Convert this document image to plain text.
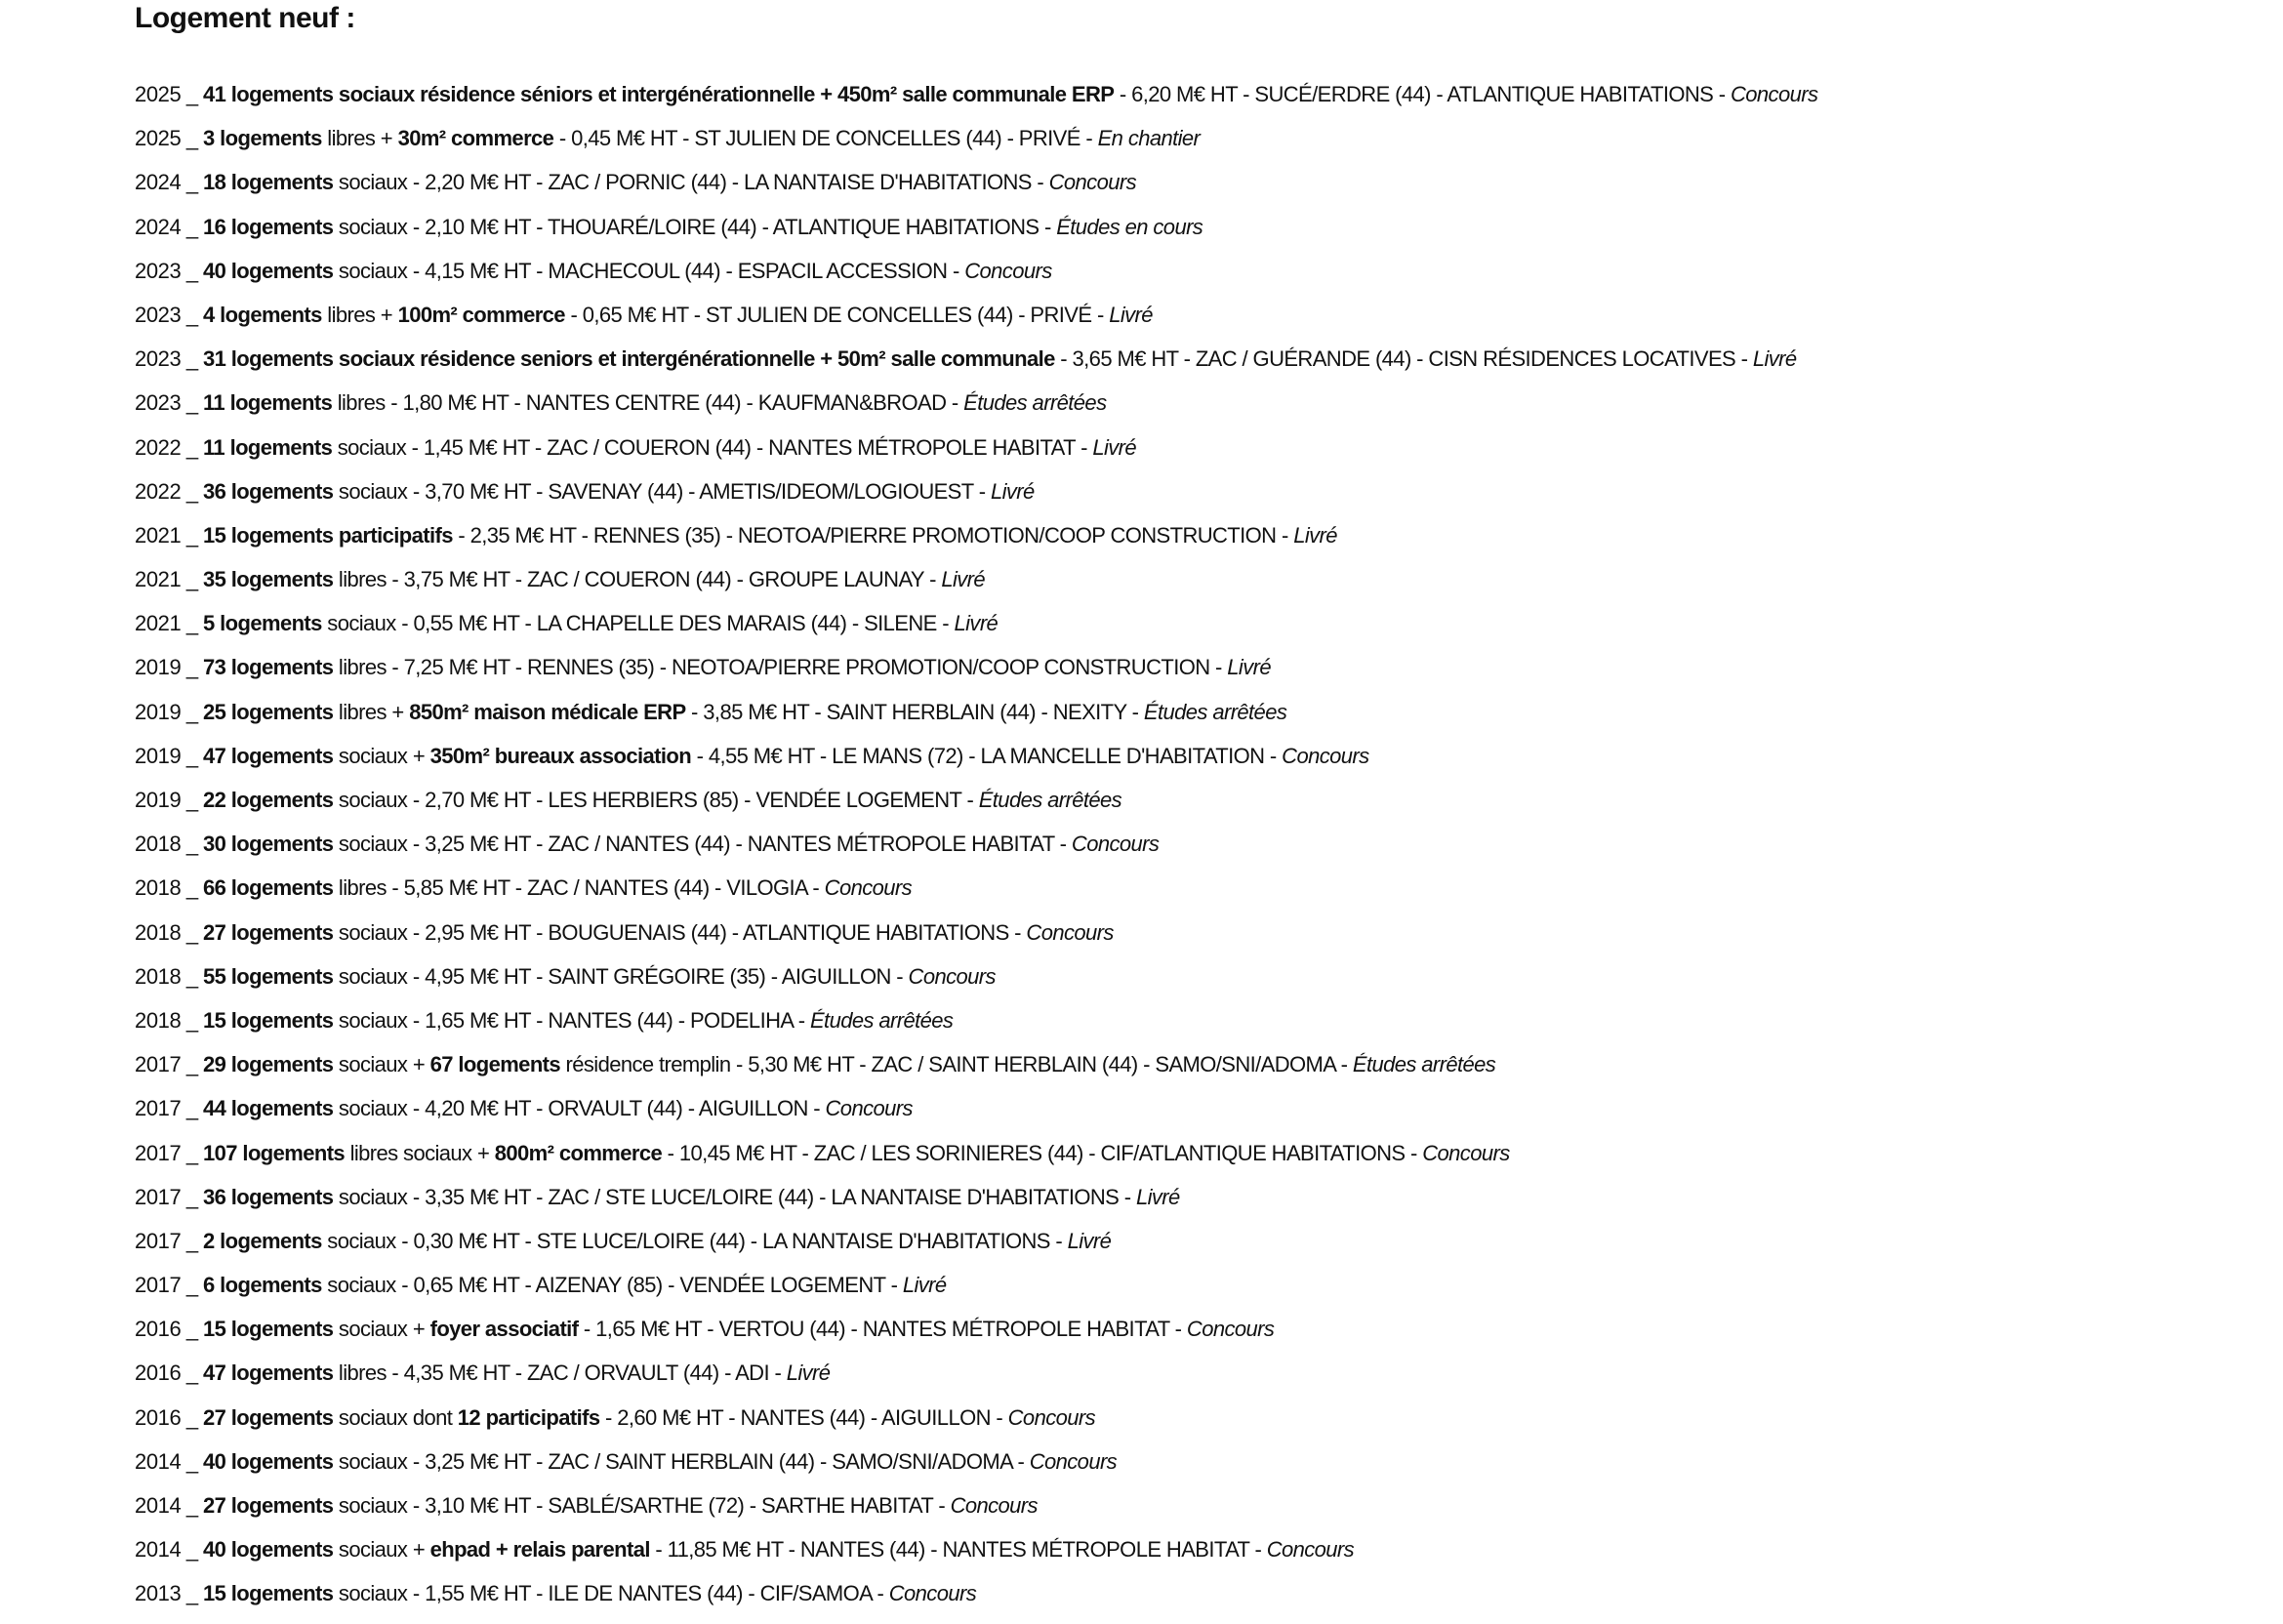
Logement neuf :
2025 _ 41 logements sociaux résidence séniors et intergénérationnelle + 450m² salle communale ERP - 6,20 M€ HT - SUCÉ/ERDRE (44) - ATLANTIQUE HABITATIONS - Concours
2025 _ 3 logements libres + 30m² commerce - 0,45 M€ HT - ST JULIEN DE CONCELLES (44) - PRIVÉ - En chantier
2024 _ 18 logements sociaux - 2,20 M€ HT - ZAC / PORNIC (44) - LA NANTAISE D'HABITATIONS - Concours
2024 _ 16 logements sociaux - 2,10 M€ HT - THOUARÉ/LOIRE (44) - ATLANTIQUE HABITATIONS - Études en cours
2023 _ 40 logements sociaux - 4,15 M€ HT - MACHECOUL (44) - ESPACIL ACCESSION - Concours
2023 _ 4 logements libres + 100m² commerce - 0,65 M€ HT - ST JULIEN DE CONCELLES (44) - PRIVÉ - Livré
2023 _ 31 logements sociaux résidence seniors et intergénérationnelle + 50m² salle communale - 3,65 M€ HT - ZAC / GUÉRANDE (44) - CISN RÉSIDENCES LOCATIVES - Livré
2023 _ 11 logements libres - 1,80 M€ HT - NANTES CENTRE (44) - KAUFMAN&BROAD - Études arrêtées
2022 _ 11 logements sociaux - 1,45 M€ HT - ZAC / COUERON (44) - NANTES MÉTROPOLE HABITAT - Livré
2022 _ 36 logements sociaux - 3,70 M€ HT - SAVENAY (44) - AMETIS/IDEOM/LOGIOUEST - Livré
2021 _ 15 logements participatifs - 2,35 M€ HT - RENNES (35) - NEOTOA/PIERRE PROMOTION/COOP CONSTRUCTION - Livré
2021 _ 35 logements libres - 3,75 M€ HT - ZAC / COUERON (44) - GROUPE LAUNAY - Livré
2021 _ 5 logements sociaux - 0,55 M€ HT - LA CHAPELLE DES MARAIS (44) - SILENE - Livré
2019 _ 73 logements libres - 7,25 M€ HT - RENNES (35) - NEOTOA/PIERRE PROMOTION/COOP CONSTRUCTION - Livré
2019 _ 25 logements libres + 850m² maison médicale ERP - 3,85 M€ HT - SAINT HERBLAIN (44) - NEXITY - Études arrêtées
2019 _ 47 logements sociaux + 350m² bureaux association - 4,55 M€ HT - LE MANS (72) - LA MANCELLE D'HABITATION - Concours
2019 _ 22 logements sociaux - 2,70 M€ HT - LES HERBIERS (85) - VENDÉE LOGEMENT - Études arrêtées
2018 _ 30 logements sociaux - 3,25 M€ HT - ZAC / NANTES (44) - NANTES MÉTROPOLE HABITAT - Concours
2018 _ 66 logements libres - 5,85 M€ HT - ZAC / NANTES (44) - VILOGIA - Concours
2018 _ 27 logements sociaux - 2,95 M€ HT - BOUGUENAIS (44) - ATLANTIQUE HABITATIONS - Concours
2018 _ 55 logements sociaux - 4,95 M€ HT - SAINT GRÉGOIRE (35) - AIGUILLON - Concours
2018 _ 15 logements sociaux - 1,65 M€ HT - NANTES (44) - PODELIHA - Études arrêtées
2017 _ 29 logements sociaux + 67 logements résidence tremplin - 5,30 M€ HT - ZAC / SAINT HERBLAIN (44) - SAMO/SNI/ADOMA - Études arrêtées
2017 _ 44 logements sociaux - 4,20 M€ HT - ORVAULT (44) - AIGUILLON - Concours
2017 _ 107 logements libres sociaux + 800m² commerce - 10,45 M€ HT - ZAC / LES SORINIERES (44) - CIF/ATLANTIQUE HABITATIONS - Concours
2017 _ 36 logements sociaux - 3,35 M€ HT - ZAC / STE LUCE/LOIRE (44) - LA NANTAISE D'HABITATIONS - Livré
2017 _ 2 logements sociaux - 0,30 M€ HT - STE LUCE/LOIRE (44) - LA NANTAISE D'HABITATIONS - Livré
2017 _ 6 logements sociaux - 0,65 M€ HT - AIZENAY (85) - VENDÉE LOGEMENT - Livré
2016 _ 15 logements sociaux + foyer associatif - 1,65 M€ HT - VERTOU (44) - NANTES MÉTROPOLE HABITAT - Concours
2016 _ 47 logements libres - 4,35 M€ HT - ZAC / ORVAULT (44) - ADI - Livré
2016 _ 27 logements sociaux dont 12 participatifs - 2,60 M€ HT - NANTES (44) - AIGUILLON - Concours
2014 _ 40 logements sociaux - 3,25 M€ HT - ZAC / SAINT HERBLAIN (44) - SAMO/SNI/ADOMA - Concours
2014 _ 27 logements sociaux - 3,10 M€ HT - SABLÉ/SARTHE (72) - SARTHE HABITAT - Concours
2014 _ 40 logements sociaux + ehpad + relais parental - 11,85 M€ HT - NANTES (44) - NANTES MÉTROPOLE HABITAT - Concours
2013 _ 15 logements sociaux - 1,55 M€ HT - ILE DE NANTES (44) - CIF/SAMOA - Concours
